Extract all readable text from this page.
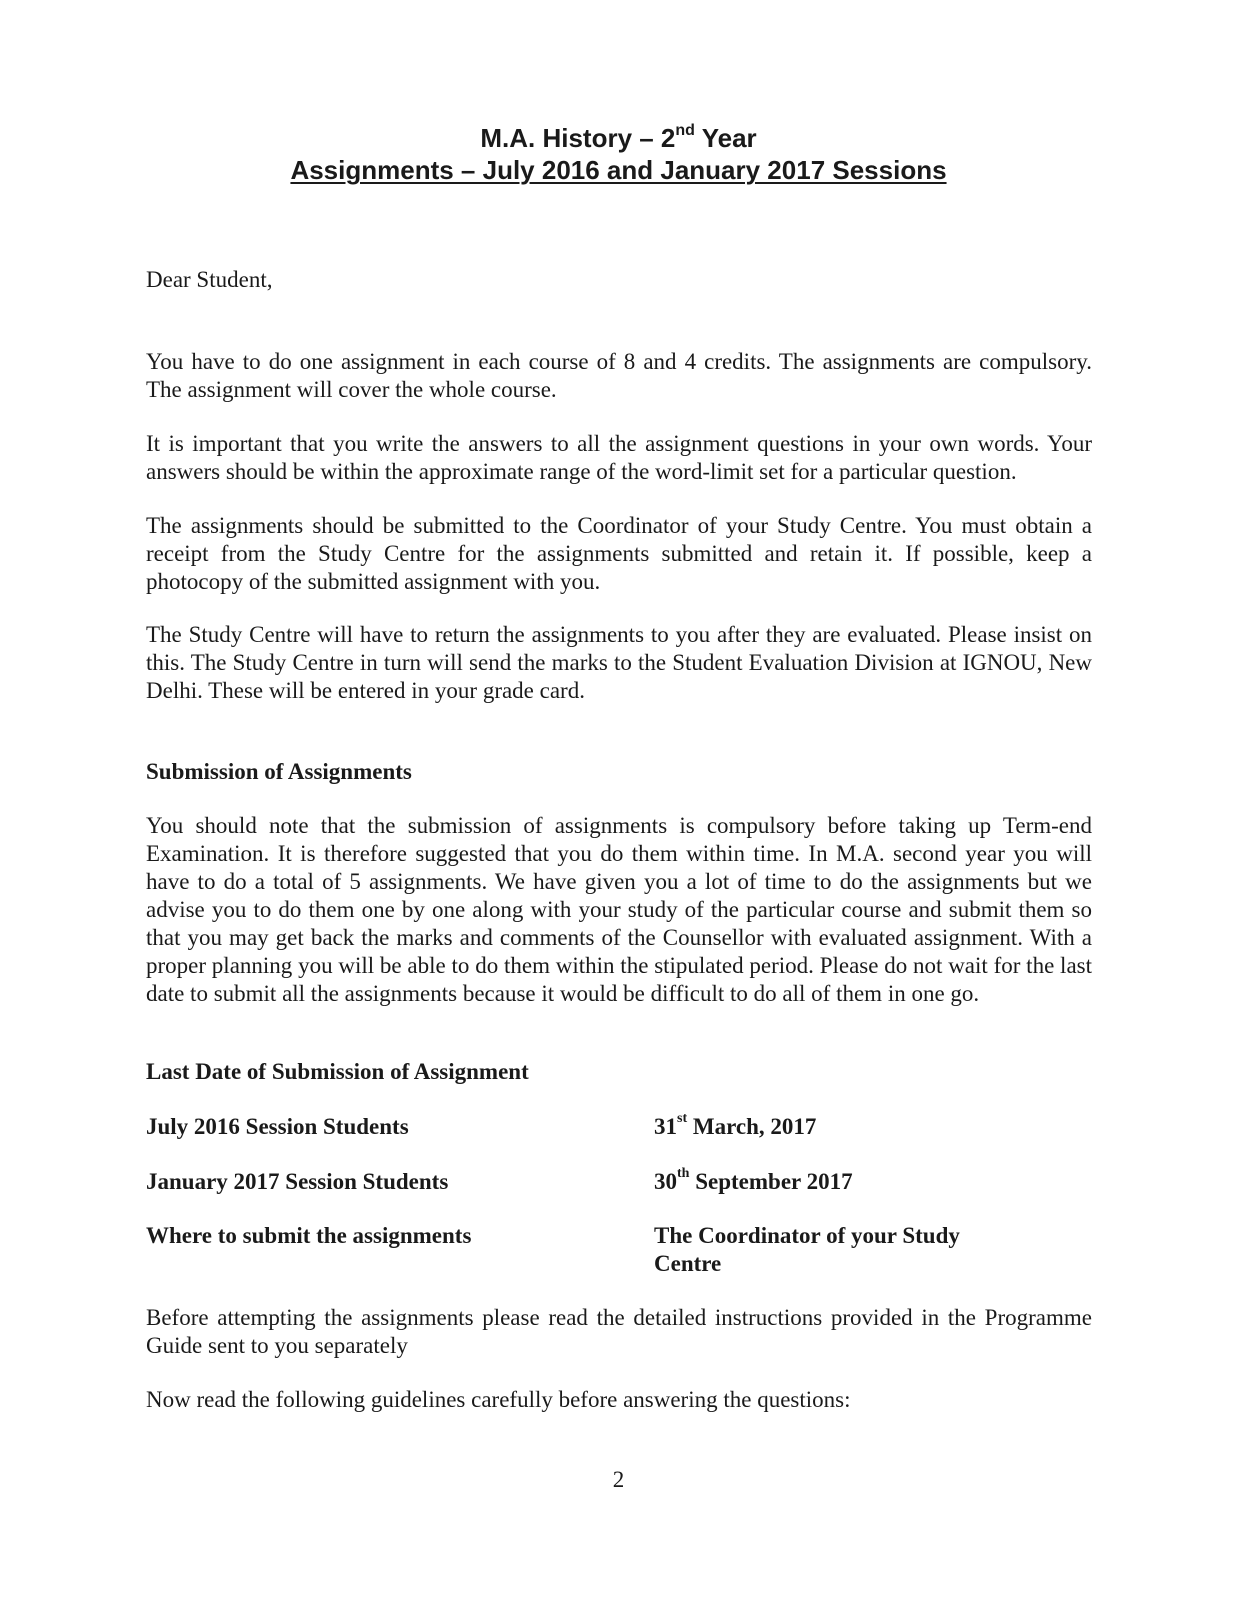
M.A. History – 2nd Year
Assignments – July 2016 and January 2017 Sessions
Dear Student,

You have to do one assignment in each course of 8 and 4 credits. The assignments are compulsory. The assignment will cover the whole course.

It is important that you write the answers to all the assignment questions in your own words. Your answers should be within the approximate range of the word-limit set for a particular question.

The assignments should be submitted to the Coordinator of your Study Centre. You must obtain a receipt from the Study Centre for the assignments submitted and retain it. If possible, keep a photocopy of the submitted assignment with you.

The Study Centre will have to return the assignments to you after they are evaluated. Please insist on this. The Study Centre in turn will send the marks to the Student Evaluation Division at IGNOU, New Delhi. These will be entered in your grade card.

Submission of Assignments

You should note that the submission of assignments is compulsory before taking up Term-end Examination. It is therefore suggested that you do them within time. In M.A. second year you will have to do a total of 5 assignments. We have given you a lot of time to do the assignments but we advise you to do them one by one along with your study of the particular course and submit them so that you may get back the marks and comments of the Counsellor with evaluated assignment. With a proper planning you will be able to do them within the stipulated period. Please do not wait for the last date to submit all the assignments because it would be difficult to do all of them in one go.

Last Date of Submission of Assignment
July 2016 Session Students	31st March, 2017
January 2017 Session Students	30th September 2017
Where to submit the assignments	The Coordinator of your Study Centre

Before attempting the assignments please read the detailed instructions provided in the Programme Guide sent to you separately

Now read the following guidelines carefully before answering the questions:

2
